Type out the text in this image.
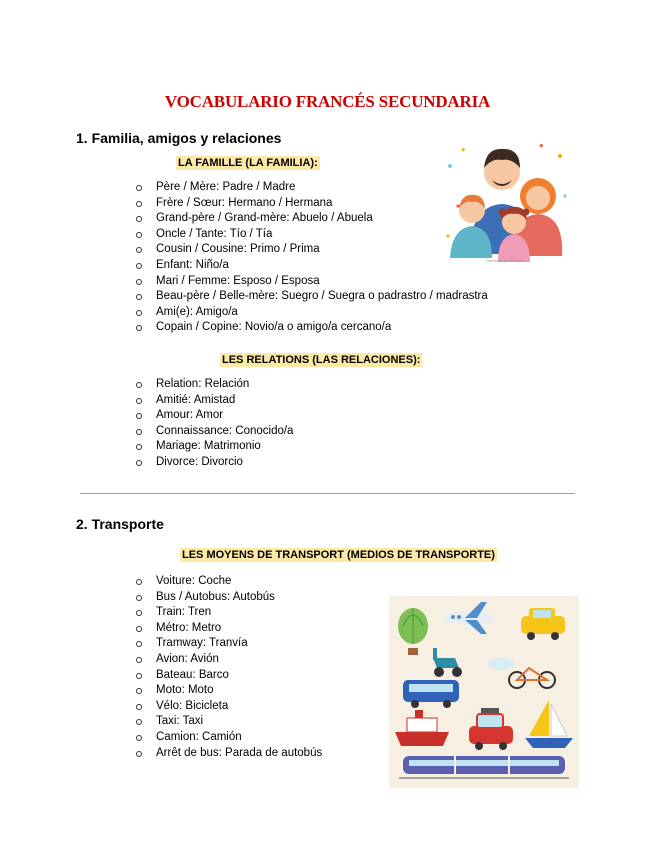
VOCABULARIO FRANCÉS SECUNDARIA
1. Familia, amigos y relaciones
LA FAMILLE (LA FAMILIA):
Père / Mère: Padre / Madre
Frère / Sœur: Hermano / Hermana
Grand-père / Grand-mère: Abuelo / Abuela
Oncle / Tante: Tío / Tía
Cousin / Cousine: Primo / Prima
Enfant: Niño/a
Mari / Femme: Esposo / Esposa
Beau-père / Belle-mère: Suegro / Suegra o padrastro / madrastra
Ami(e): Amigo/a
Copain / Copine: Novio/a o amigo/a cercano/a
LES RELATIONS (LAS RELACIONES):
Relation: Relación
Amitié: Amistad
Amour: Amor
Connaissance: Conocido/a
Mariage: Matrimonio
Divorce: Divorcio
Diseñado por Freepik
2. Transporte
LES MOYENS DE TRANSPORT (MEDIOS DE TRANSPORTE)
Voiture: Coche
Bus / Autobus: Autobús
Train: Tren
Métro: Metro
Tramway: Tranvía
Avion: Avión
Bateau: Barco
Moto: Moto
Vélo: Bicicleta
Taxi: Taxi
Camion: Camión
Arrêt de bus: Parada de autobús
